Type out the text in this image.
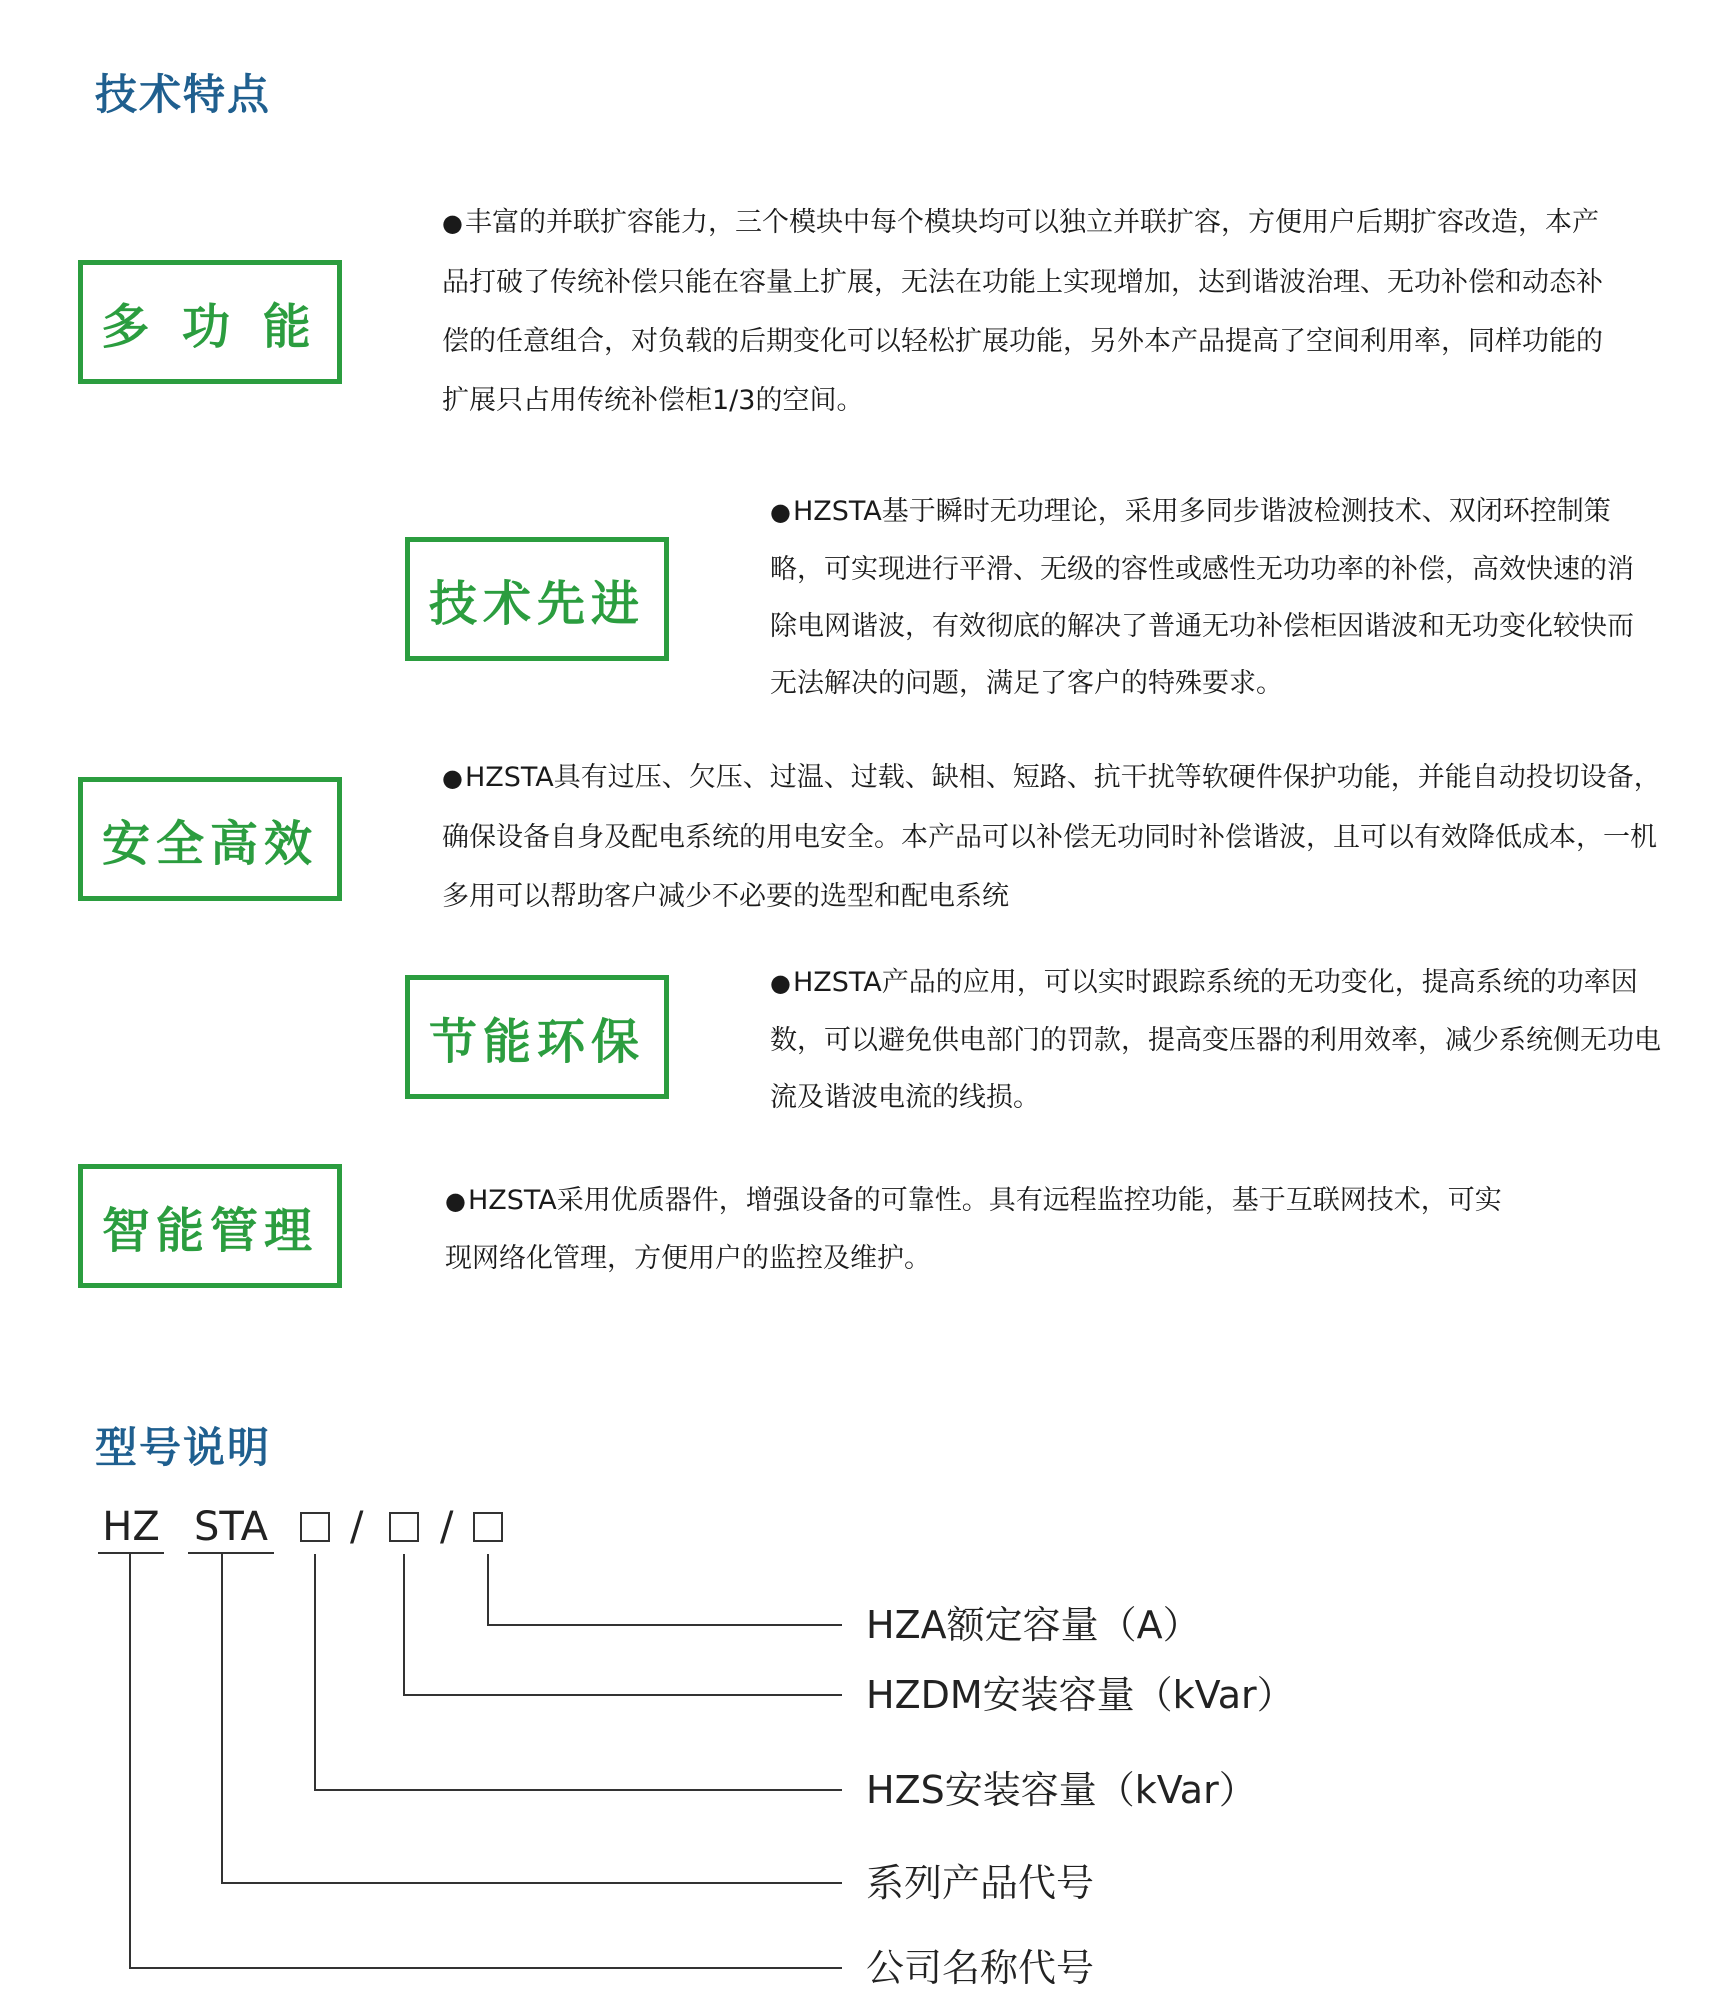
技术特点
多 功 能

●丰富的并联扩容能力，三个模块中每个模块均可以独立并联扩容，方便用户后期扩容改造，本产品打破了传统补偿只能在容量上扩展，无法在功能上实现增加，达到谐波治理、无功补偿和动态补偿的任意组合，对负载的后期变化可以轻松扩展功能，另外本产品提高了空间利用率，同样功能的扩展只占用传统补偿柜1/3的空间。

技术先进

●HZSTA基于瞬时无功理论，采用多同步谐波检测技术、双闭环控制策略，可实现进行平滑、无级的容性或感性无功功率的补偿，高效快速的消除电网谐波，有效彻底的解决了普通无功补偿柜因谐波和无功变化较快而无法解决的问题，满足了客户的特殊要求。

安全高效

●HZSTA具有过压、欠压、过温、过载、缺相、短路、抗干扰等软硬件保护功能，并能自动投切设备，确保设备自身及配电系统的用电安全。本产品可以补偿无功同时补偿谐波，且可以有效降低成本，一机多用可以帮助客户减少不必要的选型和配电系统

节能环保

●HZSTA产品的应用，可以实时跟踪系统的无功变化，提高系统的功率因数，可以避免供电部门的罚款，提高变压器的利用效率，减少系统侧无功电流及谐波电流的线损。

智能管理

●HZSTA采用优质器件，增强设备的可靠性。具有远程监控功能，基于互联网技术，可实现网络化管理，方便用户的监控及维护。

型号说明
HZ STA / /
HZA额定容量（A）
HZDM安装容量（kVar）
HZS安装容量（kVar）
系列产品代号
公司名称代号
